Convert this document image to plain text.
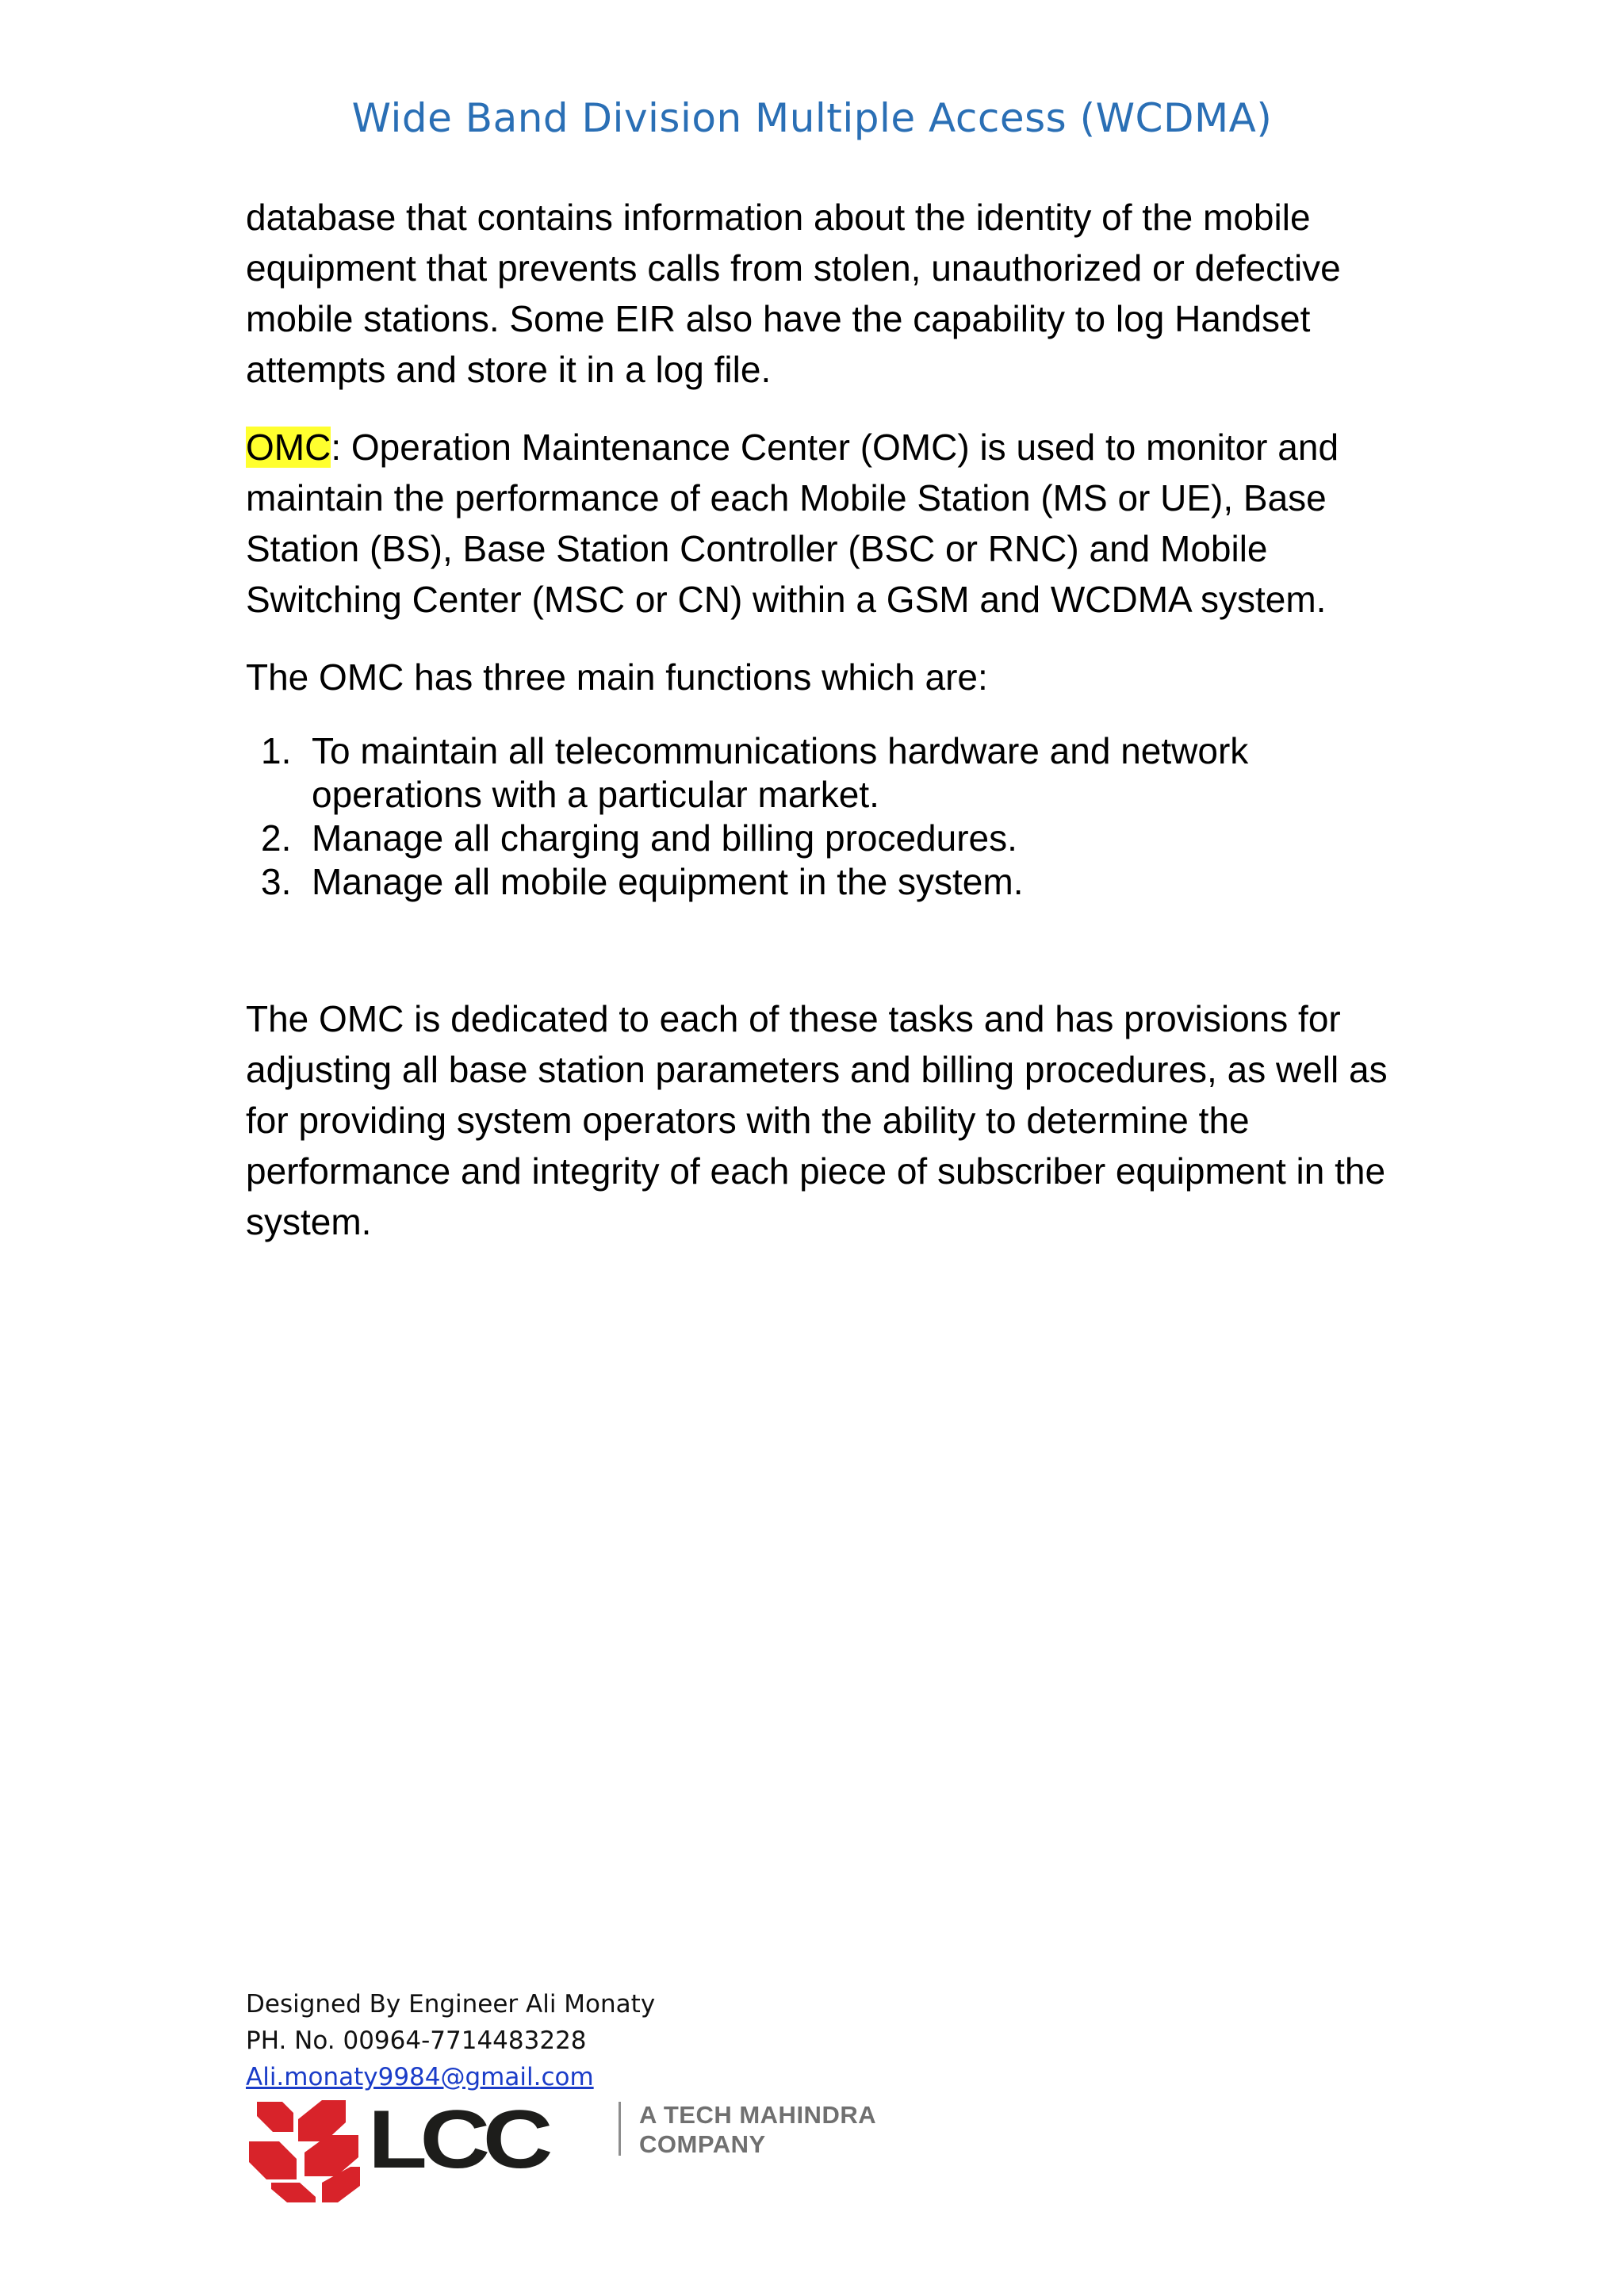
Wide Band Division Multiple Access (WCDMA)

database that contains information about the identity of the mobile equipment that prevents calls from stolen, unauthorized or defective mobile stations. Some EIR also have the capability to log Handset attempts and store it in a log file.

OMC: Operation Maintenance Center (OMC) is used to monitor and maintain the performance of each Mobile Station (MS or UE), Base Station (BS), Base Station Controller (BSC or RNC) and Mobile Switching Center (MSC or CN) within a GSM and WCDMA system.

The OMC has three main functions which are:

1. To maintain all telecommunications hardware and network operations with a particular market.
2. Manage all charging and billing procedures.
3. Manage all mobile equipment in the system.

The OMC is dedicated to each of these tasks and has provisions for adjusting all base station parameters and billing procedures, as well as for providing system operators with the ability to determine the performance and integrity of each piece of subscriber equipment in the system.

Designed By Engineer Ali Monaty
PH. No. 00964-7714483228
Ali.monaty9984@gmail.com
LCC	A TECH MAHINDRA
COMPANY
